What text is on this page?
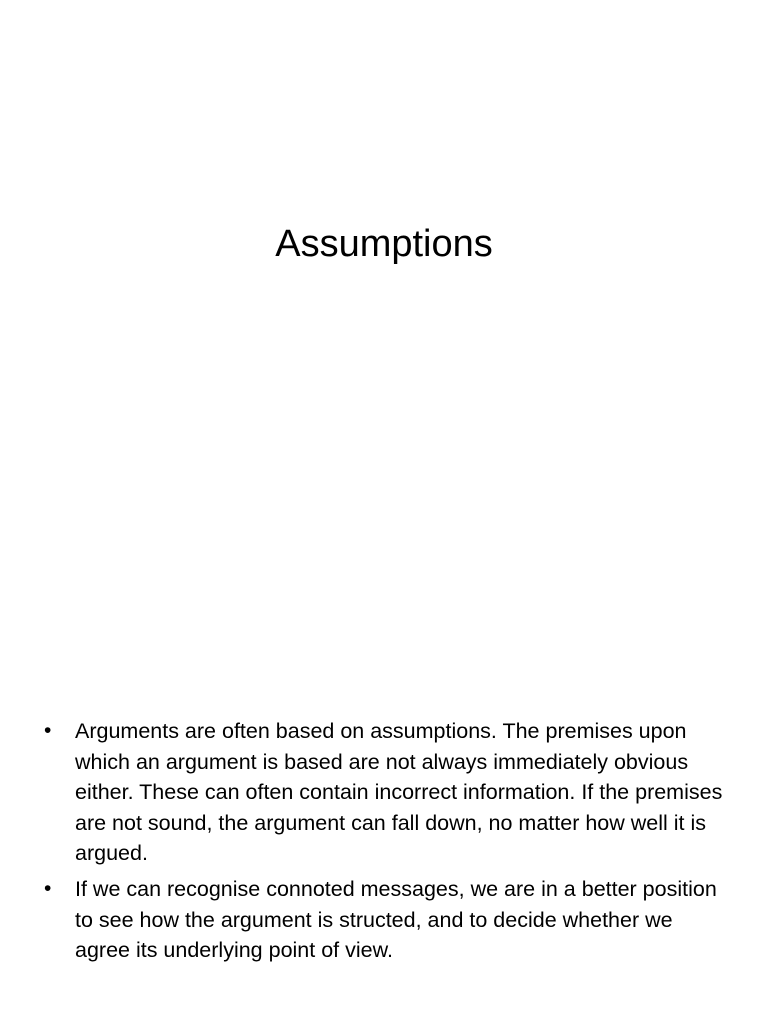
Assumptions
• Arguments are often based on assumptions. The premises upon which an argument is based are not always immediately obvious either. These can often contain incorrect information. If the premises are not sound, the argument can fall down, no matter how well it is argued.
• If we can recognise connoted messages, we are in a better position to see how the argument is structed, and to decide whether we agree its underlying point of view.
